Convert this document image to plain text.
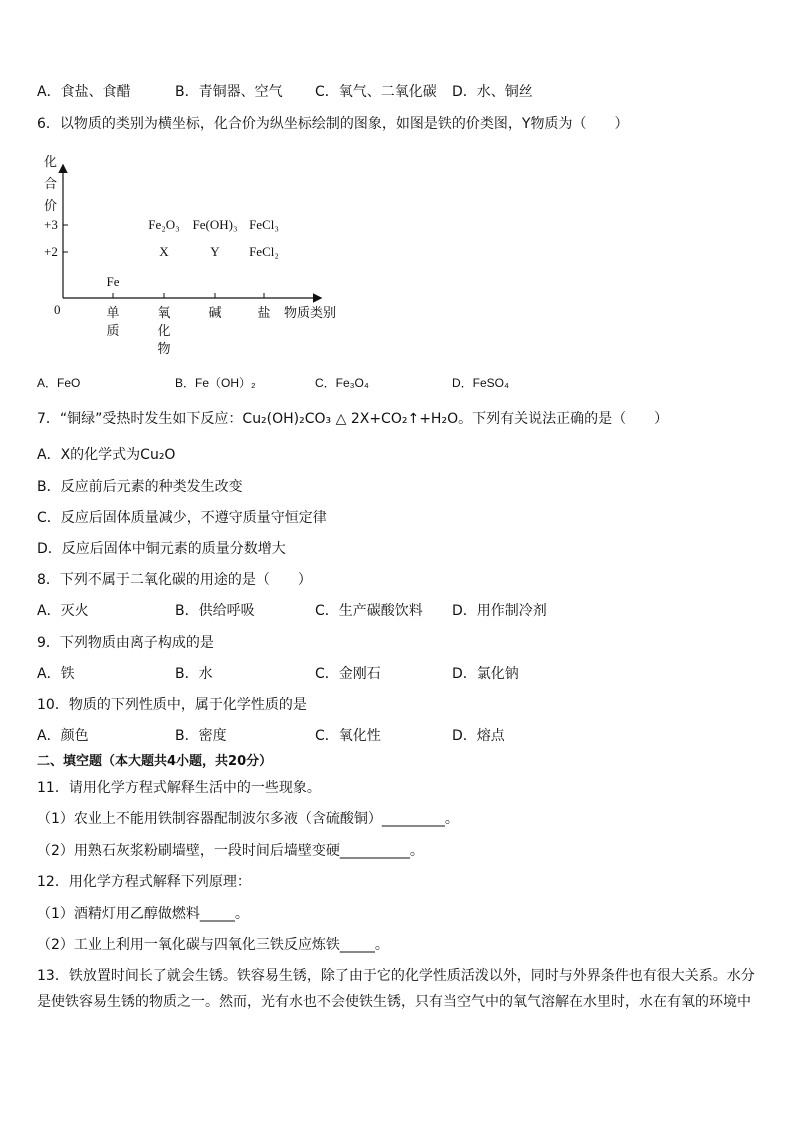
A．食盐、食醋	B．青铜器、空气 C．氧气、二氧化碳 D．水、铜丝
6．以物质的类别为横坐标，化合价为纵坐标绘制的图象，如图是铁的价类图，Y物质为（　　）
化合价
0
+3
+2
单质
氧化物
碱	盐 物质类别
Fe
Fe₂O₃ Fe(OH)₃ FeCl₃
X	Y FeCl₂
A．FeO	B．Fe（OH）₂	C．Fe₃O₄	D．FeSO₄
7．“铜绿”受热时发生如下反应：Cu₂(OH)₂CO₃ △ 2X+CO₂↑+H₂O。下列有关说法正确的是（　　）
A．X的化学式为Cu₂O
B．反应前后元素的种类发生改变
C．反应后固体质量减少，不遵守质量守恒定律
D．反应后固体中铜元素的质量分数增大
8．下列不属于二氧化碳的用途的是（　　）
A．灭火	B．供给呼吸	C．生产碳酸饮料 D．用作制冷剂
9．下列物质由离子构成的是
A．铁	B．水	C．金刚石	D．氯化钠
10．物质的下列性质中，属于化学性质的是
A．颜色	B．密度	C．氧化性	D．熔点
二、填空题（本大题共4小题，共20分）
11．请用化学方程式解释生活中的一些现象。
（1）农业上不能用铁制容器配制波尔多液（含硫酸铜）_________。
（2）用熟石灰浆粉刷墙壁，一段时间后墙壁变硬__________。
12．用化学方程式解释下列原理：
（1）酒精灯用乙醇做燃料_____。
（2）工业上利用一氧化碳与四氧化三铁反应炼铁_____。
13．铁放置时间长了就会生锈。铁容易生锈，除了由于它的化学性质活泼以外，同时与外界条件也有很大关系。水分是使铁容易生锈的物质之一。然而，光有水也不会使铁生锈，只有当空气中的氧气溶解在水里时，水在有氧的环境中
